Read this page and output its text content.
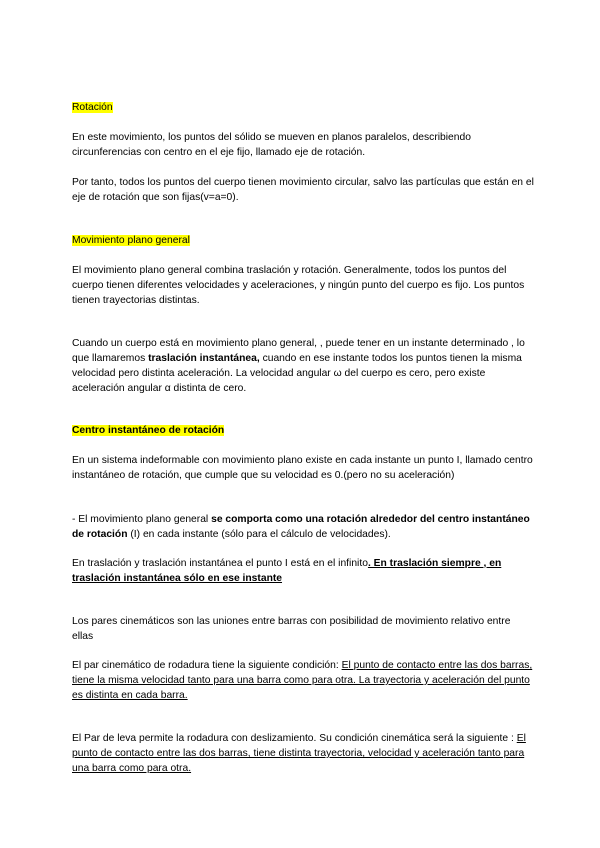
Rotación

En este movimiento, los puntos del sólido se mueven en planos paralelos, describiendo circunferencias con centro en el eje fijo, llamado eje de rotación.

Por tanto, todos los puntos del cuerpo tienen movimiento circular, salvo las partículas que están en el eje de rotación que son fijas(v=a=0).

Movimiento plano general

El movimiento plano general combina traslación y rotación. Generalmente, todos los puntos del cuerpo tienen diferentes velocidades y aceleraciones, y ningún punto del cuerpo es fijo. Los puntos tienen trayectorias distintas.

Cuando un cuerpo está en movimiento plano general, , puede tener en un instante determinado , lo que llamaremos traslación instantánea, cuando en ese instante todos los puntos tienen la misma velocidad pero distinta aceleración. La velocidad angular ω del cuerpo es cero, pero existe aceleración angular α distinta de cero.

Centro instantáneo de rotación

En un sistema indeformable con movimiento plano existe en cada instante un punto I, llamado centro instantáneo de rotación, que cumple que su velocidad es 0.(pero no su aceleración)

- El movimiento plano general se comporta como una rotación alrededor del centro instantáneo de rotación (I) en cada instante (sólo para el cálculo de velocidades).

En traslación y traslación instantánea el punto I está en el infinito. En traslación siempre , en traslación instantánea sólo en ese instante

Los pares cinemáticos son las uniones entre barras con posibilidad de movimiento relativo entre ellas

El par cinemático de rodadura tiene la siguiente condición: El punto de contacto entre las dos barras, tiene la misma velocidad tanto para una barra como para otra. La trayectoria y aceleración del punto es distinta en cada barra.

El Par de leva permite la rodadura con deslizamiento. Su condición cinemática será la siguiente : El punto de contacto entre las dos barras, tiene distinta trayectoria, velocidad y aceleración tanto para una barra como para otra.
